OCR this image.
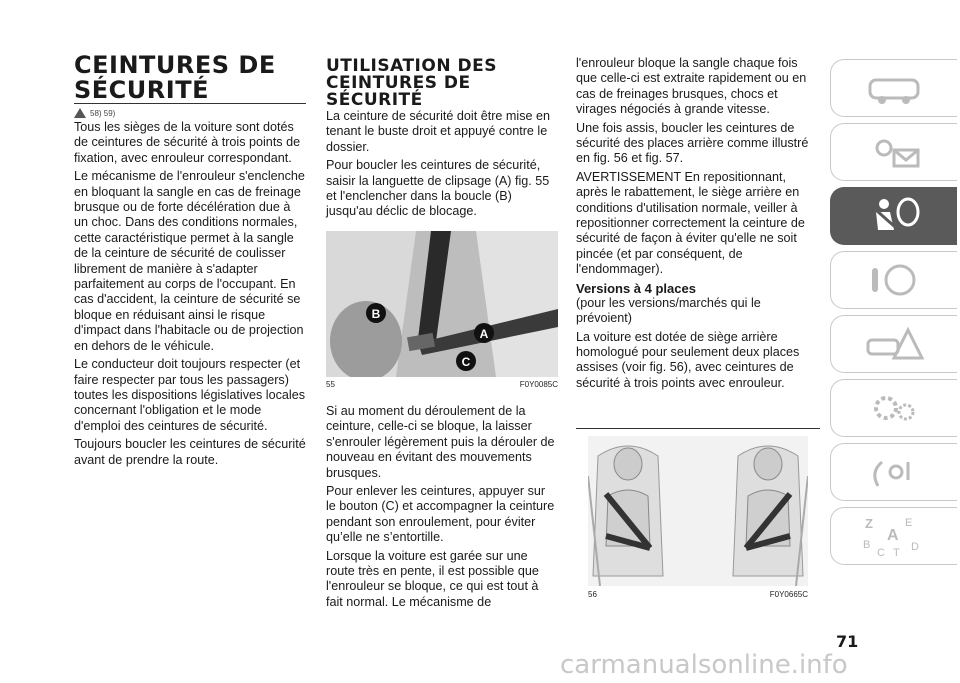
CEINTURES DE SÉCURITÉ
58) 59)

Tous les sièges de la voiture sont dotés de ceintures de sécurité à trois points de fixation, avec enrouleur correspondant.

Le mécanisme de l'enrouleur s'enclenche en bloquant la sangle en cas de freinage brusque ou de forte décélération due à un choc. Dans des conditions normales, cette caractéristique permet à la sangle de la ceinture de sécurité de coulisser librement de manière à s'adapter parfaitement au corps de l'occupant. En cas d'accident, la ceinture de sécurité se bloque en réduisant ainsi le risque d'impact dans l'habitacle ou de projection en dehors de le véhicule.

Le conducteur doit toujours respecter (et faire respecter par tous les passagers) toutes les dispositions législatives locales concernant l'obligation et le mode d'emploi des ceintures de sécurité.

Toujours boucler les ceintures de sécurité avant de prendre la route.

UTILISATION DES CEINTURES DE SÉCURITÉ

La ceinture de sécurité doit être mise en tenant le buste droit et appuyé contre le dossier.

Pour boucler les ceintures de sécurité, saisir la languette de clipsage (A) fig. 55 et l'enclencher dans la boucle (B) jusqu'au déclic de blocage.

B
A
C
55	F0Y0085C

Si au moment du déroulement de la ceinture, celle-ci se bloque, la laisser s'enrouler légèrement puis la dérouler de nouveau en évitant des mouvements brusques.

Pour enlever les ceintures, appuyer sur le bouton (C) et accompagner la ceinture pendant son enroulement, pour éviter qu’elle ne s’entortille.

Lorsque la voiture est garée sur une route très en pente, il est possible que l'enrouleur se bloque, ce qui est tout à fait normal. Le mécanisme de

l'enrouleur bloque la sangle chaque fois que celle-ci est extraite rapidement ou en cas de freinages brusques, chocs et virages négociés à grande vitesse.

Une fois assis, boucler les ceintures de sécurité des places arrière comme illustré en fig. 56 et fig. 57.

AVERTISSEMENT En repositionnant, après le rabattement, le siège arrière en conditions d'utilisation normale, veiller à repositionner correctement la ceinture de sécurité de façon à éviter qu'elle ne soit pincée (et par conséquent, de l'endommager).

Versions à 4 places

(pour les versions/marchés qui le prévoient)

La voiture est dotée de siège arrière homologué pour seulement deux places assises (voir fig. 56), avec ceintures de sécurité à trois points avec enrouleur.

56	F0Y0665C
Z	E
A
B
C D
T
71
carmanualsonline.info
